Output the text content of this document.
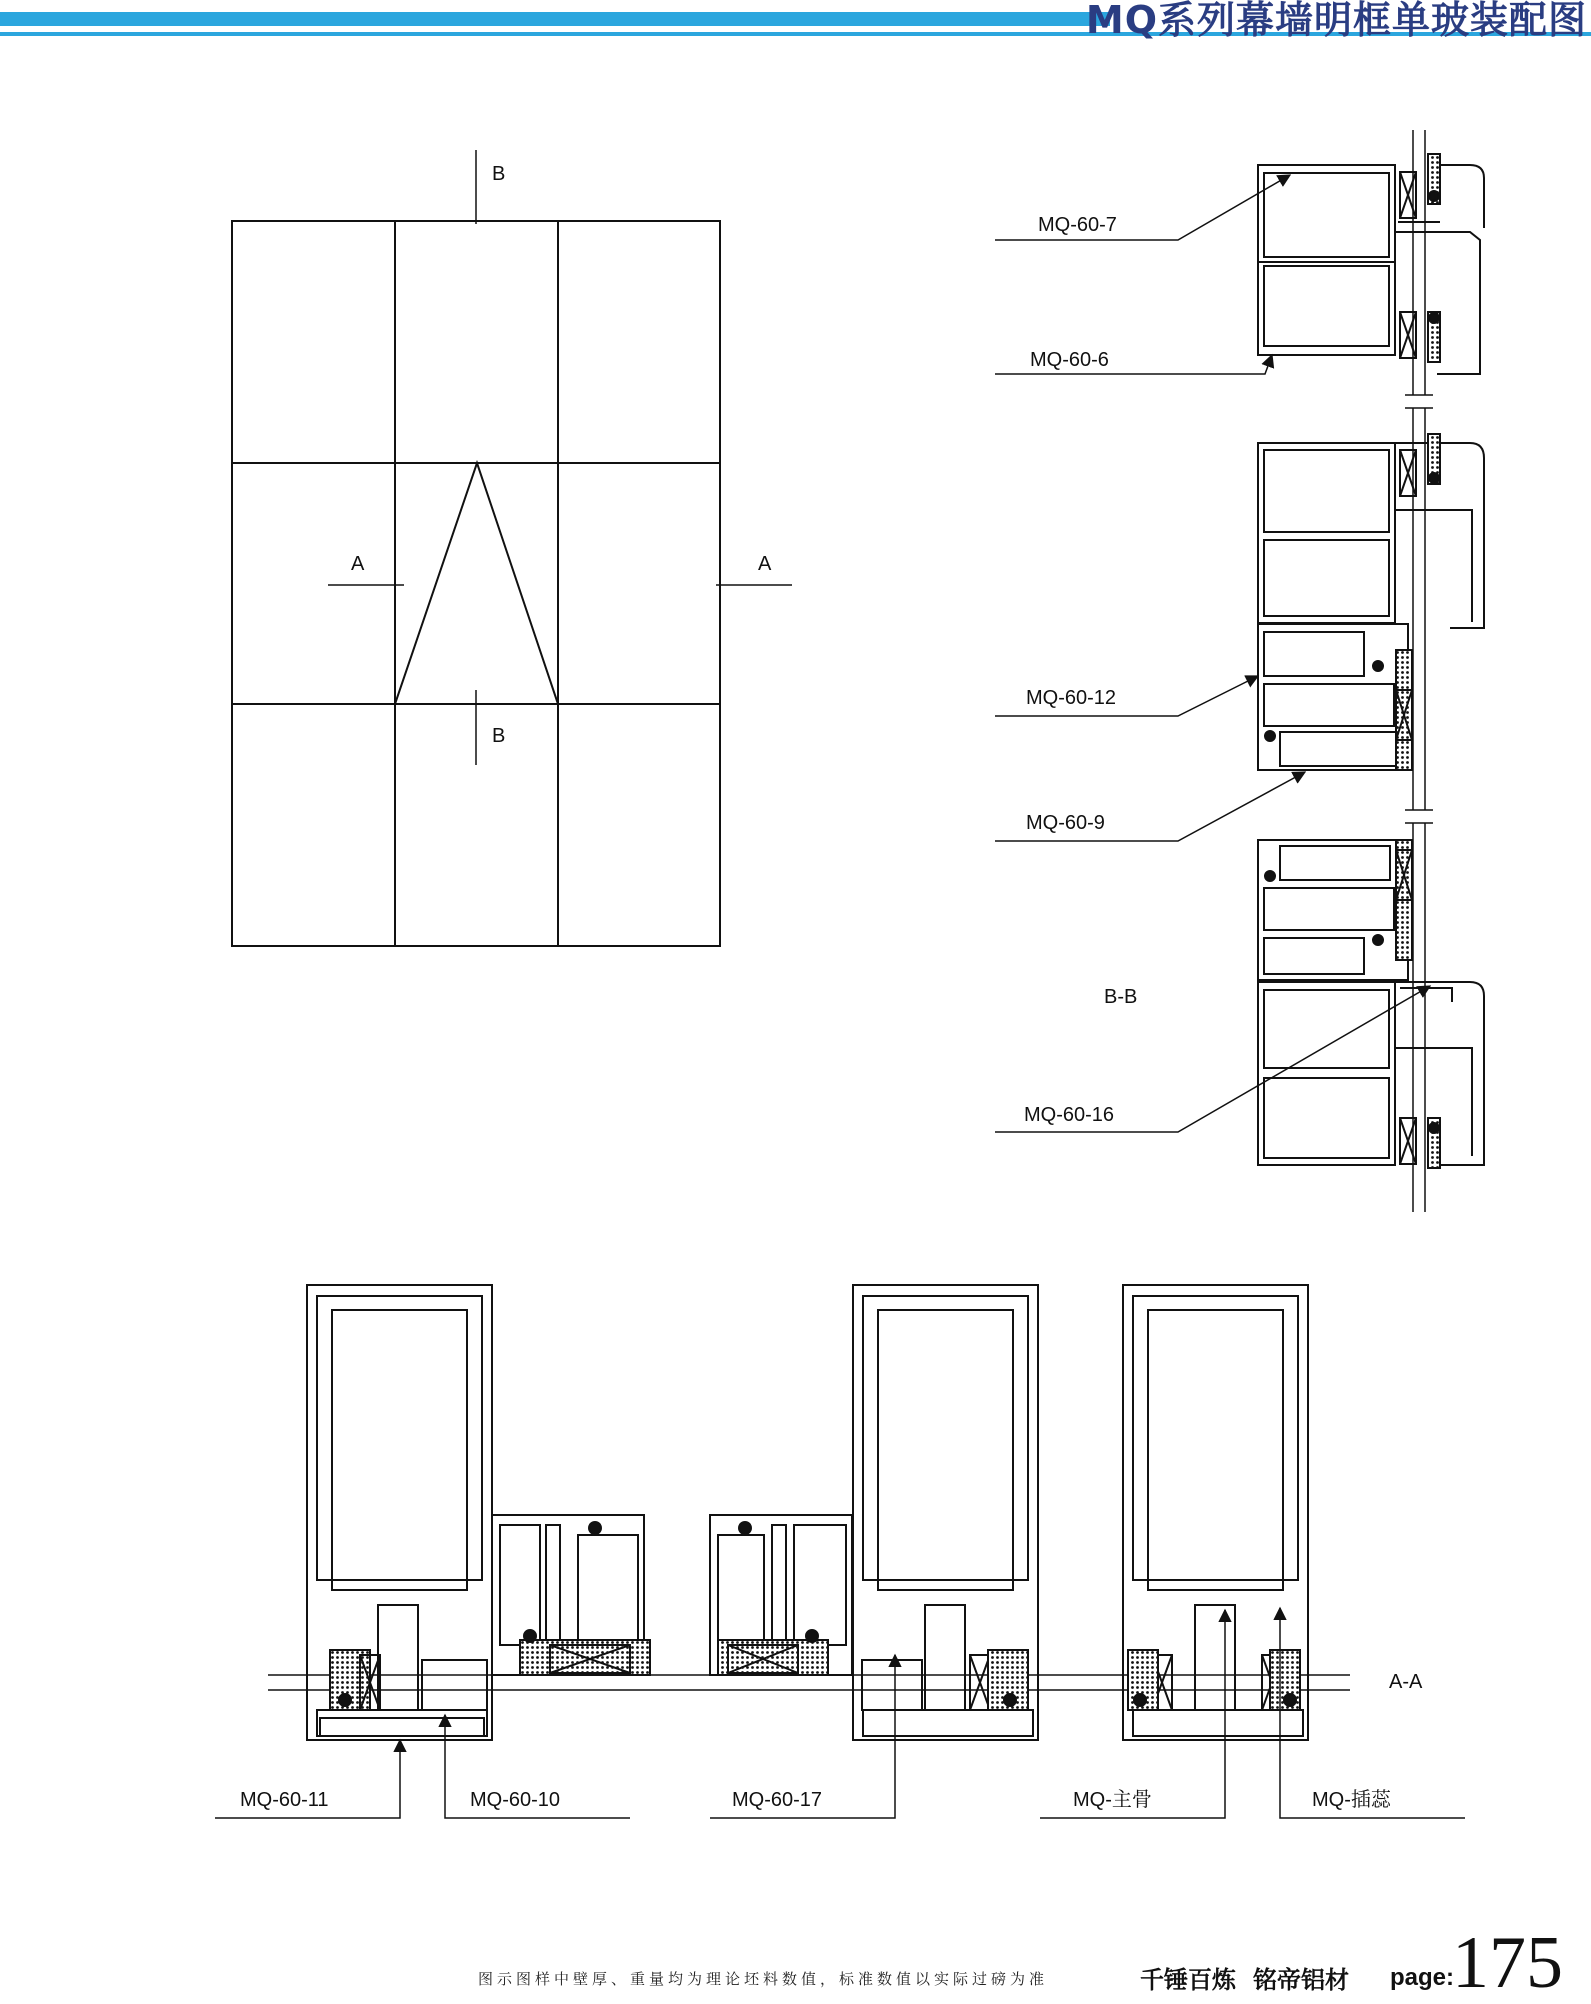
MQ系列幕墙明框单玻装配图
B
B
A	A
MQ-60-7
MQ-60-6
MQ-60-12
MQ-60-9
B-B
MQ-60-16
MQ-60-11	MQ-60-10	MQ-60-17	MQ-主骨	MQ-插蕊
A-A
图示图样中壁厚、重量均为理论坯料数值，标准数值以实际过磅为准	千锤百炼 铭帝铝材 page:
175
